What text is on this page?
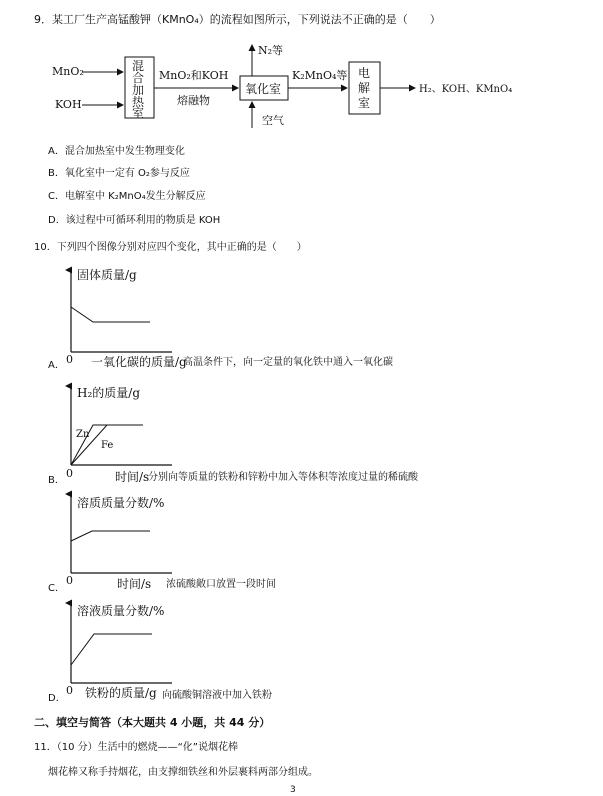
9．某工厂生产高锰酸钾（KMnO₄）的流程如图所示，下列说法不正确的是（　　）
MnO₂
KOH
混
合
加
热
室
MnO₂和KOH
熔融物
氧化室
N₂等
空气
K₂MnO₄等 电
解
室
H₂、KOH、KMnO₄
A．混合加热室中发生物理变化
B．氧化室中一定有 O₂参与反应
C．电解室中 K₂MnO₄发生分解反应
D．该过程中可循环利用的物质是 KOH
10．下列四个图像分别对应四个变化，其中正确的是（　　）
固体质量/g
0 一氧化碳的质量/g
H₂的质量/g
Zn
Fe
0	时间/s
溶质质量分数/%
0	时间/s
溶液质量分数/%
0 铁粉的质量/g
A．	高温条件下，向一定量的氧化铁中通入一氧化碳
B．	分别向等质量的铁粉和锌粉中加入等体积等浓度过量的稀硫酸
C．	浓硫酸敞口放置一段时间
D．	向硫酸铜溶液中加入铁粉
二、填空与简答（本大题共 4 小题，共 44 分）
11．（10 分）生活中的燃烧——“化”说烟花棒
烟花棒又称手持烟花，由支撑细铁丝和外层裹料两部分组成。
3
